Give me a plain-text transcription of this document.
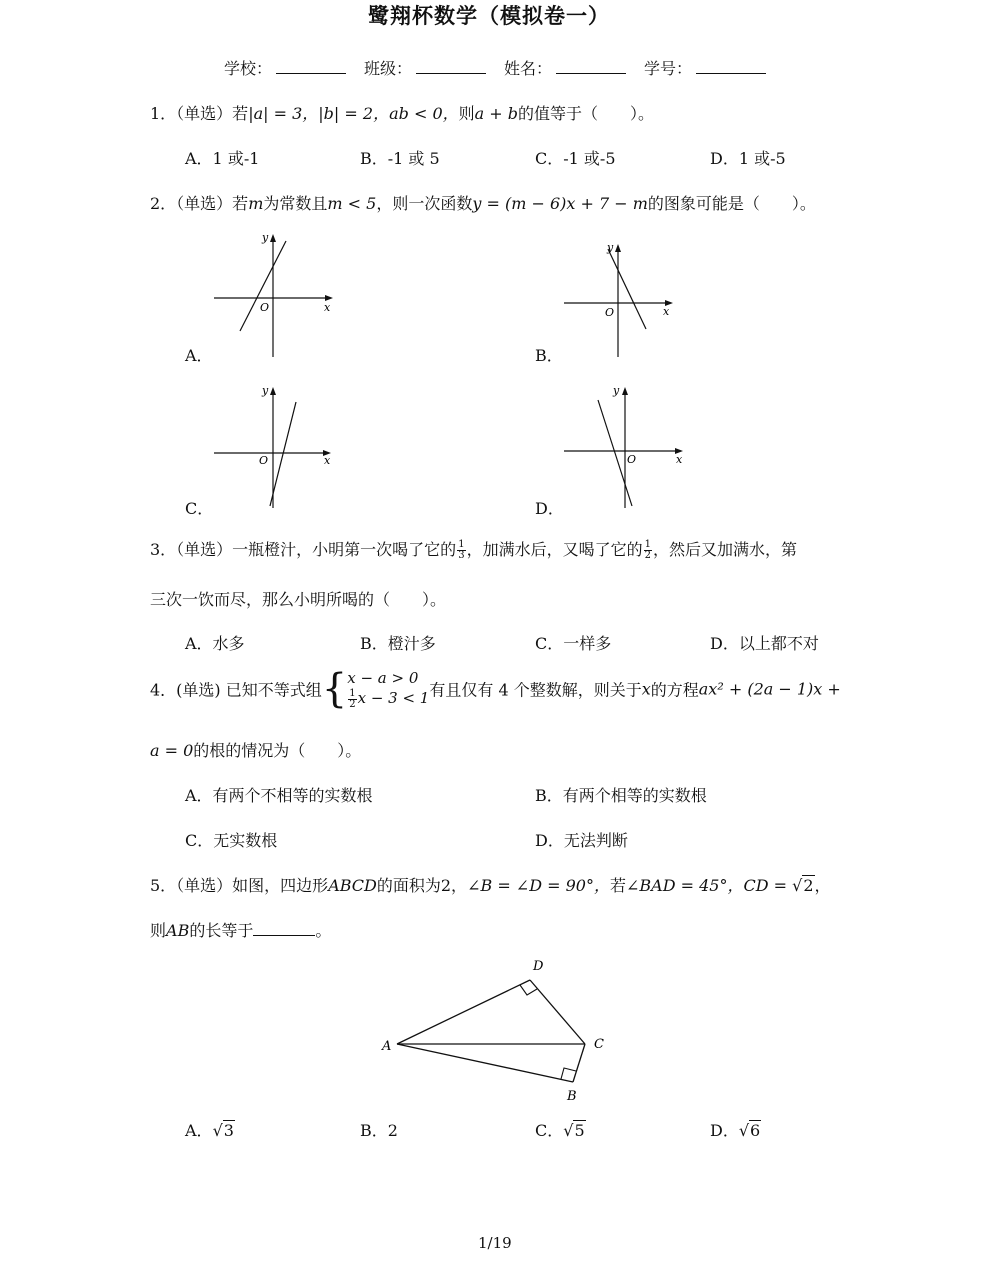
鹭翔杯数学（模拟卷一）
学校：	班级：	姓名：	学号：
1．（单选）若|a| = 3，|b| = 2，ab < 0，则a + b的值等于（　　）。
A．1 或-1	B．-1 或 5	C．-1 或-5	D．1 或-5
2．（单选）若m为常数且m < 5，则一次函数y = (m − 6)x + 7 − m的图象可能是（　　）。
x
y
O
A．
x
y
O
B．
x
y
O
C．
x
y
O
D．
3．（单选）一瓶橙汁，小明第一次喝了它的 $\frac{1}{3}$ ，加满水后，又喝了它的 $\frac{1}{2}$ ，然后又加满水，第
三次一饮而尽，那么小明所喝的（　　）。
A．水多	B．橙汁多	C．一样多	D．以上都不对
4．(单选) 已知不等式组{ x − a > 0
$\frac{1}{2}$ x − 3 < 1 有且仅有 4 个整数解，则关于x的方程ax² + (2a − 1)x +
a = 0的根的情况为（　　）。
A．有两个不相等的实数根	B．有两个相等的实数根
C．无实数根	D．无法判断
5．（单选）如图，四边形ABCD的面积为2，∠B = ∠D = 90°，若∠BAD = 45°，CD = √2，
则AB的长等于	。
A
B
C
D
A．√3	B．2	C．√5	D．√6
1/19
